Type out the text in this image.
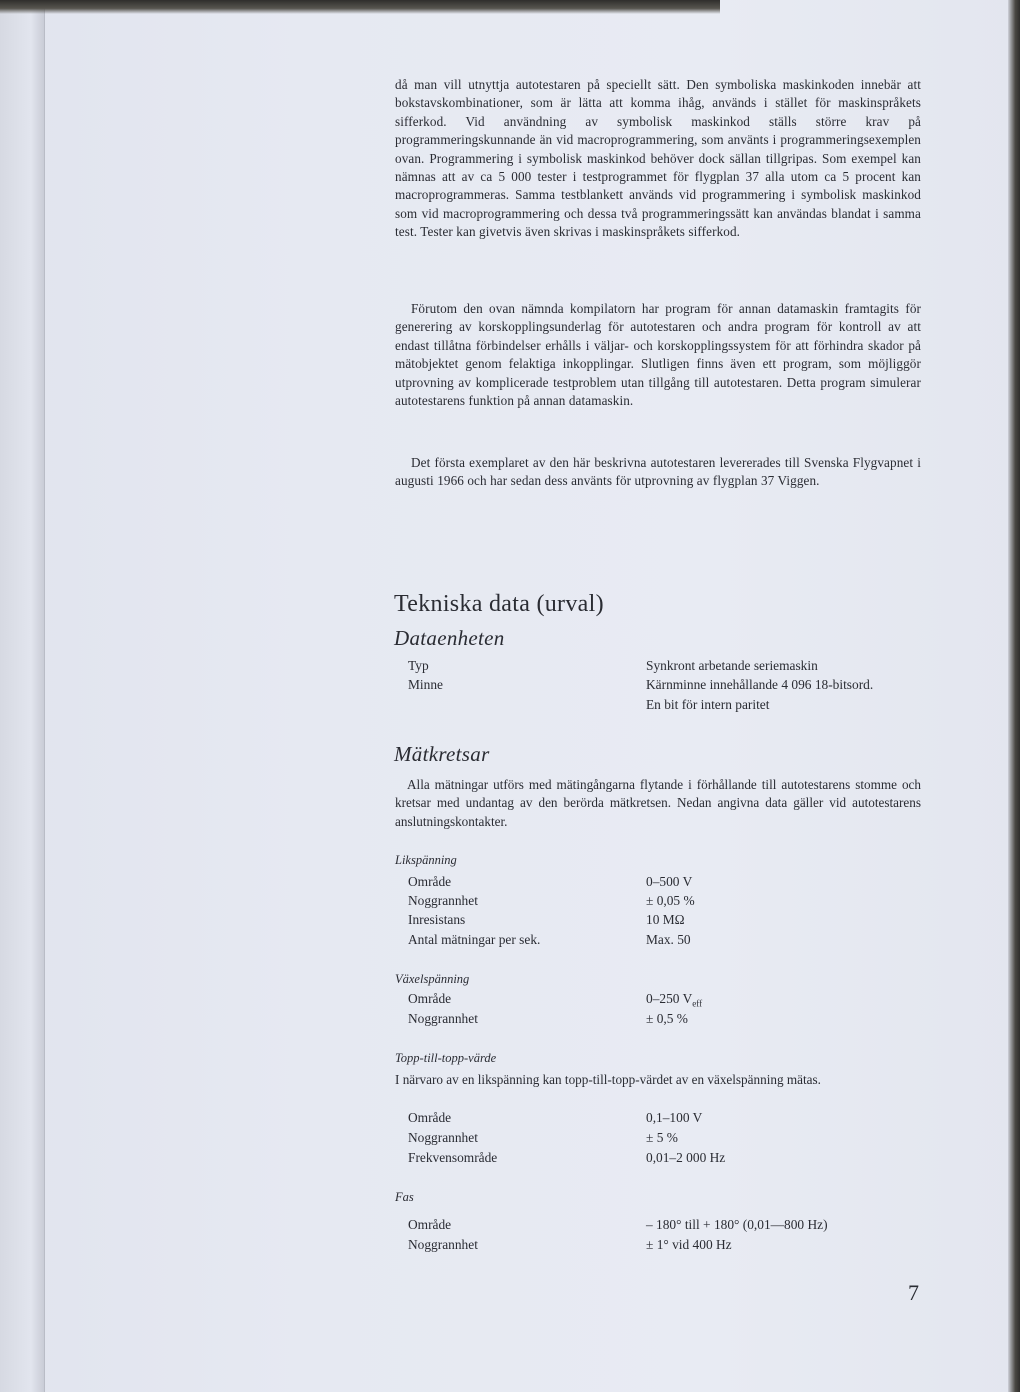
då man vill utnyttja autotestaren på speciellt sätt. Den symboliska maskinkoden innebär att bokstavskombinationer, som är lätta att komma ihåg, används i stället för maskinspråkets sifferkod. Vid användning av symbolisk maskinkod ställs större krav på programmeringskunnande än vid macroprogrammering, som använts i programmeringsexemplen ovan. Programmering i symbolisk maskinkod behöver dock sällan tillgripas. Som exempel kan nämnas att av ca 5 000 tester i testprogrammet för flygplan 37 alla utom ca 5 procent kan macroprogrammeras. Samma testblankett används vid programmering i symbolisk maskinkod som vid macroprogrammering och dessa två programmeringssätt kan användas blandat i samma test. Tester kan givetvis även skrivas i maskinspråkets sifferkod.

Förutom den ovan nämnda kompilatorn har program för annan datamaskin framtagits för generering av korskopplingsunderlag för autotestaren och andra program för kontroll av att endast tillåtna förbindelser erhålls i väljar- och korskopplingssystem för att förhindra skador på mätobjektet genom felaktiga inkopplingar. Slutligen finns även ett program, som möjliggör utprovning av komplicerade testproblem utan tillgång till autotestaren. Detta program simulerar autotestarens funktion på annan datamaskin.

Det första exemplaret av den här beskrivna autotestaren levererades till Svenska Flygvapnet i augusti 1966 och har sedan dess använts för utprovning av flygplan 37 Viggen.

Tekniska data (urval)
Dataenheten

Typ	Synkront arbetande seriemaskin

Minne	Kärnminne innehållande 4 096 18-bitsord.

En bit för intern paritet

Mätkretsar

Alla mätningar utförs med mätingångarna flytande i förhållande till autotestarens stomme och kretsar med undantag av den berörda mätkretsen. Nedan angivna data gäller vid autotestarens anslutningskontakter.

Likspänning

Område	0–500 V

Noggrannhet	± 0,05 %

Inresistans	10 MΩ

Antal mätningar per sek.	Max. 50

Växelspänning

Område	0–250 $V_{eff}$

Noggrannhet	± 0,5 %

Topp-till-topp-värde

I närvaro av en likspänning kan topp-till-topp-värdet av en växelspänning mätas.

Område	0,1–100 V

Noggrannhet	± 5 %

Frekvensområde	0,01–2 000 Hz

Fas

Område	– 180° till + 180° (0,01—800 Hz)

Noggrannhet	± 1° vid 400 Hz

7
